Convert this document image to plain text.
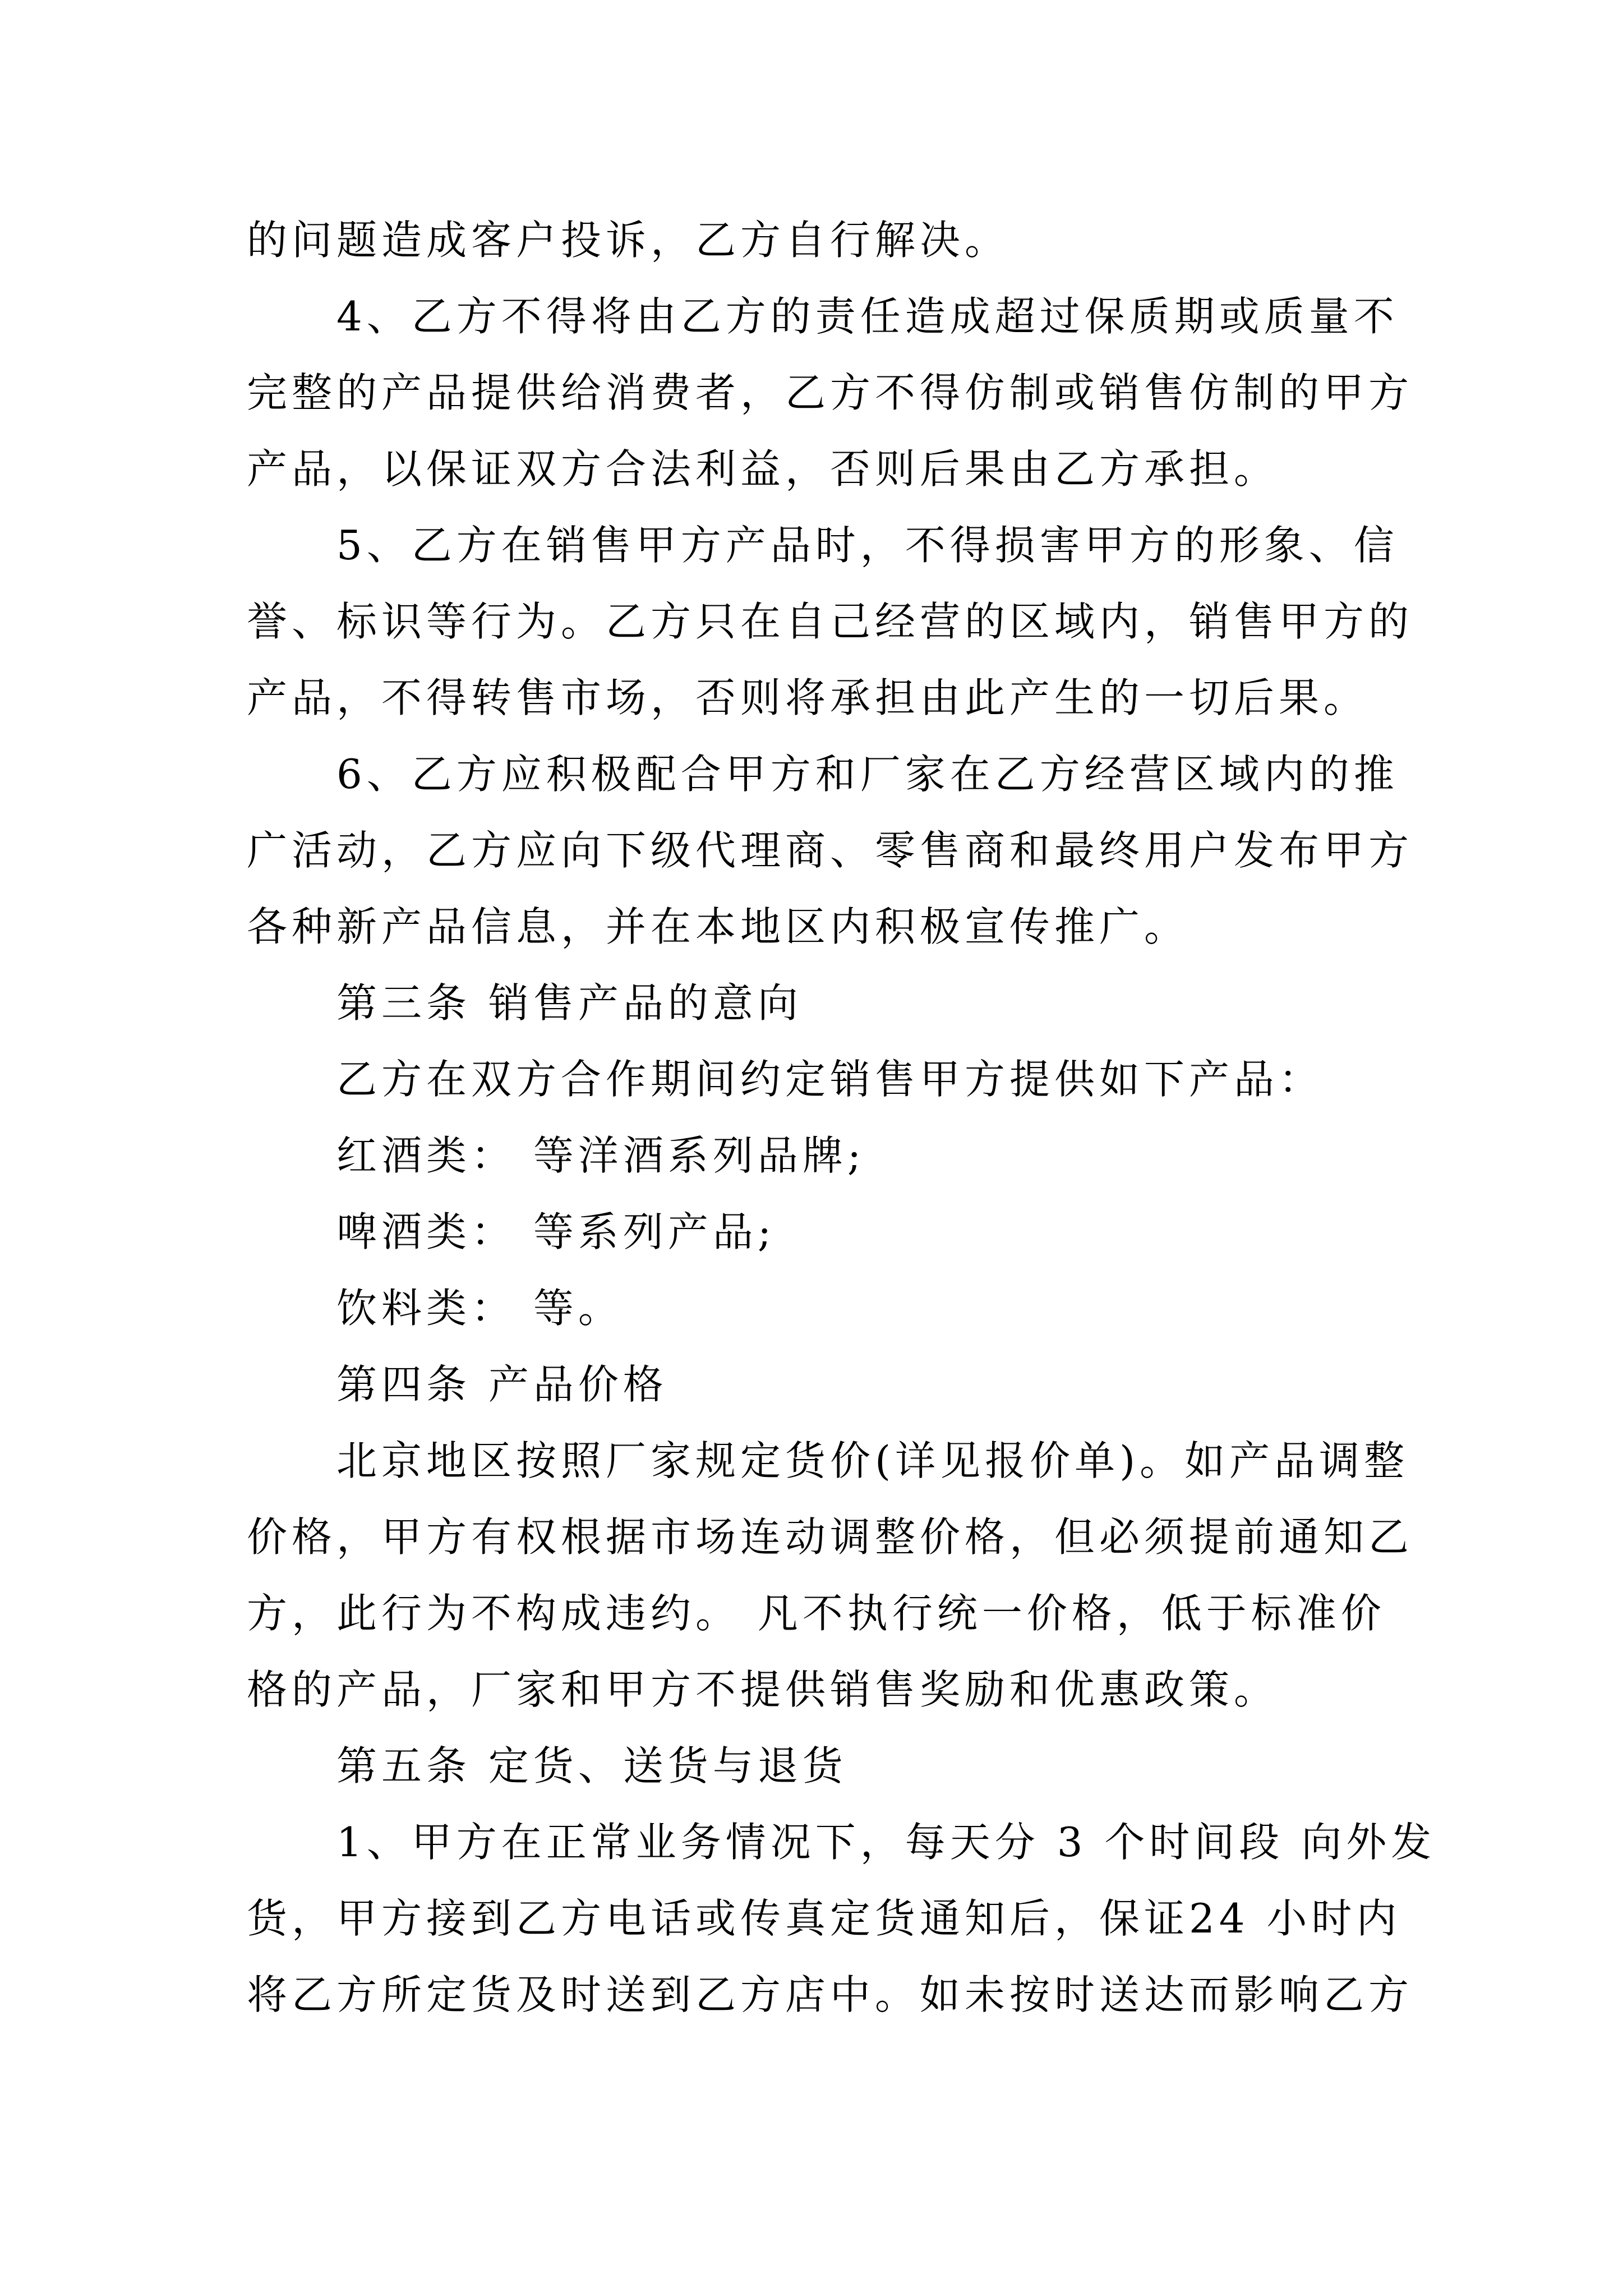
的问题造成客户投诉，乙方自行解决。
4、乙方不得将由乙方的责任造成超过保质期或质量不
完整的产品提供给消费者，乙方不得仿制或销售仿制的甲方
产品，以保证双方合法利益，否则后果由乙方承担。
5、乙方在销售甲方产品时，不得损害甲方的形象、信
誉、标识等行为。乙方只在自己经营的区域内，销售甲方的
产品，不得转售市场，否则将承担由此产生的一切后果。
6、乙方应积极配合甲方和厂家在乙方经营区域内的推
广活动，乙方应向下级代理商、零售商和最终用户发布甲方
各种新产品信息，并在本地区内积极宣传推广。
第三条 销售产品的意向
乙方在双方合作期间约定销售甲方提供如下产品：
红酒类： 等洋酒系列品牌;
啤酒类： 等系列产品;
饮料类： 等。
第四条 产品价格
北京地区按照厂家规定货价(详见报价单)。如产品调整
价格，甲方有权根据市场连动调整价格，但必须提前通知乙
方，此行为不构成违约。 凡不执行统一价格，低于标准价
格的产品，厂家和甲方不提供销售奖励和优惠政策。
第五条 定货、送货与退货
1、甲方在正常业务情况下，每天分 3 个时间段 向外发
货，甲方接到乙方电话或传真定货通知后，保证24 小时内
将乙方所定货及时送到乙方店中。如未按时送达而影响乙方
